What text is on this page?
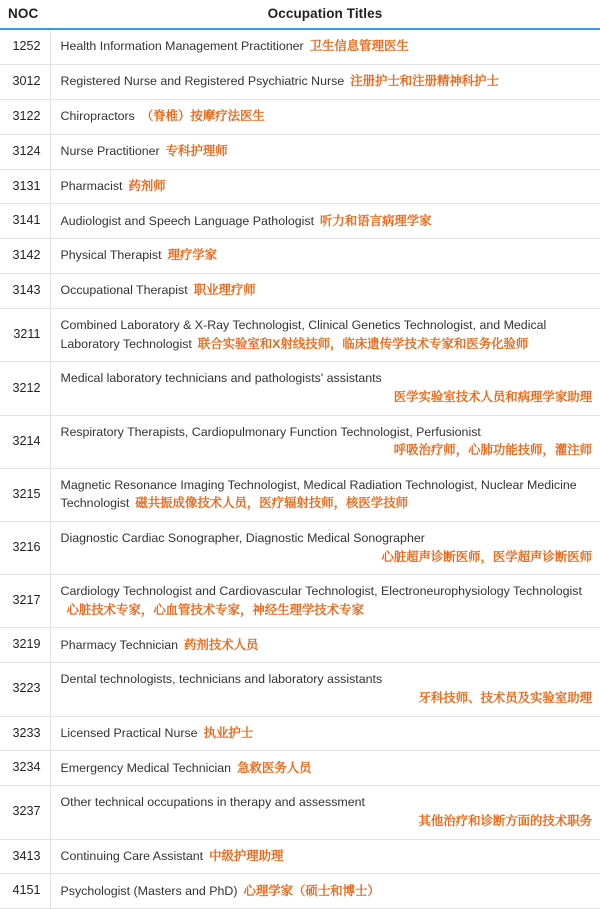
NOC	Occupation Titles
1252	Health Information Management Practitioner 卫生信息管理医生
3012	Registered Nurse and Registered Psychiatric Nurse 注册护士和注册精神科护士
3122	Chiropractors （脊椎）按摩疗法医生
3124	Nurse Practitioner 专科护理师
3131	Pharmacist 药剂师
3141	Audiologist and Speech Language Pathologist 听力和语言病理学家
3142	Physical Therapist 理疗学家
3143	Occupational Therapist 职业理疗师
3211	Combined Laboratory & X-Ray Technologist, Clinical Genetics Technologist, and Medical Laboratory Technologist 联合实验室和X射线技师，临床遗传学技术专家和医务化验师
3212	Medical laboratory technicians and pathologists' assistants
医学实验室技术人员和病理学家助理

3214	Respiratory Therapists, Cardiopulmonary Function Technologist, Perfusionist
呼吸治疗师，心肺功能技师，灌注师

3215	Magnetic Resonance Imaging Technologist, Medical Radiation Technologist, Nuclear Medicine Technologist 磁共振成像技术人员，医疗辐射技师，核医学技师
3216	Diagnostic Cardiac Sonographer, Diagnostic Medical Sonographer
心脏超声诊断医师，医学超声诊断医师

3217	Cardiology Technologist and Cardiovascular Technologist, Electroneurophysiology Technologist心脏技术专家，心血管技术专家，神经生理学技术专家
3219	Pharmacy Technician 药剂技术人员
3223	Dental technologists, technicians and laboratory assistants
牙科技师、技术员及实验室助理

3233	Licensed Practical Nurse 执业护士
3234	Emergency Medical Technician 急救医务人员
3237	Other technical occupations in therapy and assessment
其他治疗和诊断方面的技术职务

3413	Continuing Care Assistant 中级护理助理
4151	Psychologist (Masters and PhD) 心理学家（硕士和博士）
